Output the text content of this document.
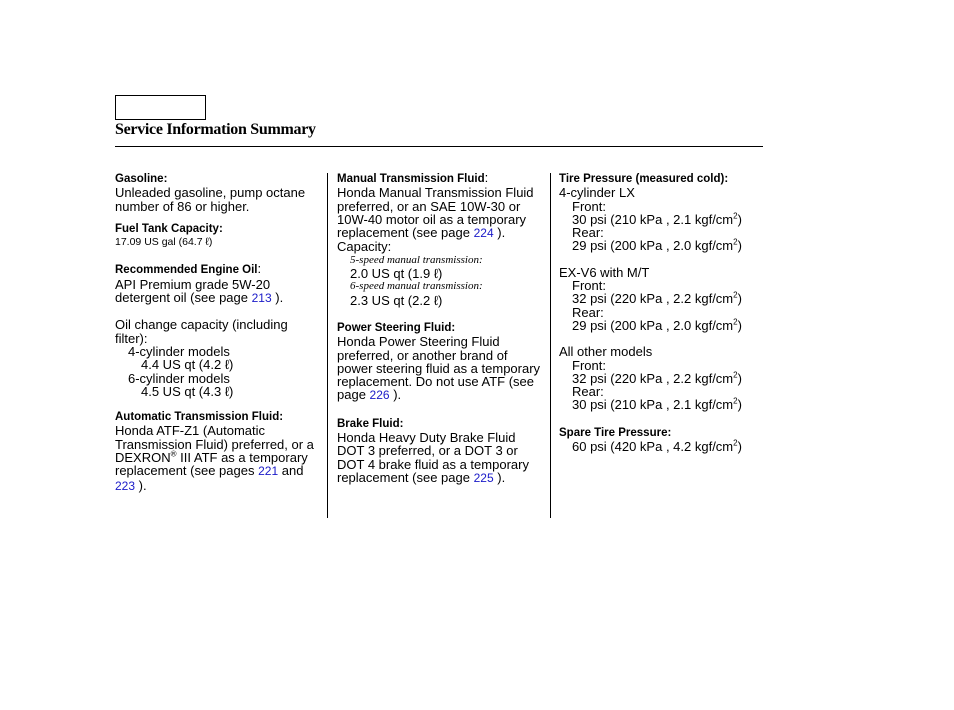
Service Information Summary
Gasoline:
Unleaded gasoline, pump octane number of 86 or higher.
Fuel Tank Capacity:
17.09 US gal (64.7 ℓ)
Recommended Engine Oil:
API Premium grade 5W-20 detergent oil (see page 213 ).
Oil change capacity (including filter):
4-cylinder models
4.4 US qt (4.2 ℓ)
6-cylinder models
4.5 US qt (4.3 ℓ)
Automatic Transmission Fluid:
Honda ATF-Z1 (Automatic Transmission Fluid) preferred, or a DEXRON® III ATF as a temporary replacement (see pages 221 and 223 ).
Manual Transmission Fluid:
Honda Manual Transmission Fluid preferred, or an SAE 10W-30 or 10W-40 motor oil as a temporary replacement (see page 224 ).
Capacity:
5-speed manual transmission:
2.0 US qt (1.9 ℓ)
6-speed manual transmission:
2.3 US qt (2.2 ℓ)
Power Steering Fluid:
Honda Power Steering Fluid preferred, or another brand of power steering fluid as a temporary replacement. Do not use ATF (see page 226 ).
Brake Fluid:
Honda Heavy Duty Brake Fluid DOT 3 preferred, or a DOT 3 or DOT 4 brake fluid as a temporary replacement (see page 225 ).
Tire Pressure (measured cold):
4-cylinder LX
Front:
30 psi (210 kPa , 2.1 kgf/$cm^2$)
Rear:
29 psi (200 kPa , 2.0 kgf/$cm^2$)
EX-V6 with M/T
Front:
32 psi (220 kPa , 2.2 kgf/$cm^2$)
Rear:
29 psi (200 kPa , 2.0 kgf/$cm^2$)
All other models
Front:
32 psi (220 kPa , 2.2 kgf/$cm^2$)
Rear:
30 psi (210 kPa , 2.1 kgf/$cm^2$)
Spare Tire Pressure:
60 psi (420 kPa , 4.2 kgf/$cm^2$)
